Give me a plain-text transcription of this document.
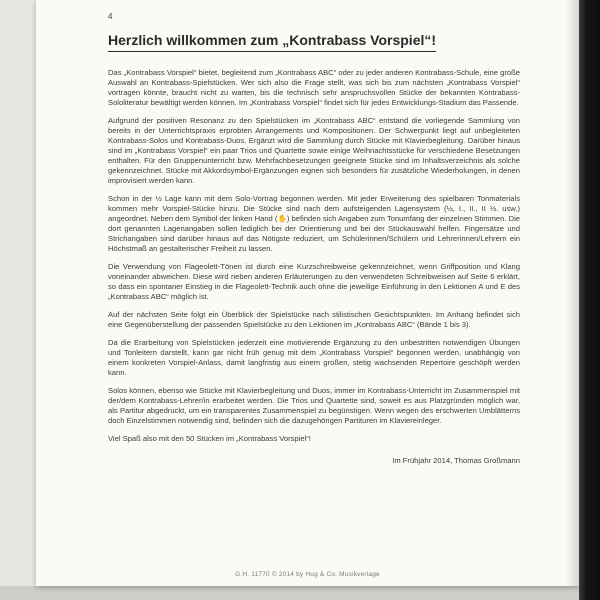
4
Herzlich willkommen zum „Kontrabass Vorspiel“!

Das „Kontrabass Vorspiel“ bietet, begleitend zum „Kontrabass ABC“ oder zu jeder anderen Kontrabass-Schule, eine große Auswahl an Kontrabass-Spielstücken. Wer sich also die Frage stellt, was sich bis zum nächsten „Kontrabass Vorspiel“ vortragen könnte, braucht nicht zu warten, bis die technisch sehr anspruchsvollen Stücke der bekannten Kontrabass-Sololiteratur bewältigt werden können. Im „Kontrabass Vorspiel“ findet sich für jedes Entwicklungs-Stadium das Passende.

Aufgrund der positiven Resonanz zu den Spielstücken im „Kontrabass ABC“ entstand die vorliegende Sammlung von bereits in der Unterrichtspraxis erprobten Arrangements und Kompositionen. Der Schwerpunkt liegt auf unbegleiteten Kontrabass-Solos und Kontrabass-Duos. Ergänzt wird die Sammlung durch Stücke mit Klavierbegleitung. Darüber hinaus sind im „Kontrabass Vorspiel“ ein paar Trios und Quartette sowie einige Weihnachtsstücke für verschiedene Besetzungen enthalten. Für den Gruppenunterricht bzw. Mehrfachbesetzungen geeignete Stücke sind im Inhaltsverzeichnis als solche gekennzeichnet. Stücke mit Akkordsymbol-Ergänzungen eignen sich besonders für zusätzliche Wiederholungen, in denen improvisiert werden kann.

Schon in der ½ Lage kann mit dem Solo-Vortrag begonnen werden. Mit jeder Erweiterung des spielbaren Tonmaterials kommen mehr Vorspiel-Stücke hinzu. Die Stücke sind nach dem aufsteigenden Lagensystem (½, I., II., II ½. usw.) angeordnet. Neben dem Symbol der linken Hand (✋) befinden sich Angaben zum Tonumfang der einzelnen Stimmen. Die dort genannten Lagenangaben sollen lediglich bei der Orientierung und bei der Stückauswahl helfen. Fingersätze und Strichangaben sind darüber hinaus auf das Nötigste reduziert, um Schülerinnen/Schülern und Lehrerinnen/Lehrern ein Höchstmaß an gestalterischer Freiheit zu lassen.

Die Verwendung von Flageolett-Tönen ist durch eine Kurzschreibweise gekennzeichnet, wenn Griffposition und Klang voneinander abweichen. Diese wird neben anderen Erläuterungen zu den verwendeten Schreibweisen auf Seite 6 erklärt, so dass ein spontaner Einstieg in die Flageolett-Technik auch ohne die jeweilige Einführung in den Lektionen A und E des „Kontrabass ABC“ möglich ist.

Auf der nächsten Seite folgt ein Überblick der Spielstücke nach stilistischen Gesichtspunkten. Im Anhang befindet sich eine Gegenüberstellung der passenden Spielstücke zu den Lektionen im „Kontrabass ABC“ (Bände 1 bis 3).

Da die Erarbeitung von Spielstücken jederzeit eine motivierende Ergänzung zu den unbestritten notwendigen Übungen und Tonleitern darstellt, kann gar nicht früh genug mit dem „Kontrabass Vorspiel“ begonnen werden, unabhängig von einem konkreten Vorspiel-Anlass, damit langfristig aus einem großen, stetig wachsenden Repertoire geschöpft werden kann.

Solos können, ebenso wie Stücke mit Klavierbegleitung und Duos, immer im Kontrabass-Unterricht im Zusammenspiel mit der/dem Kontrabass-Lehrer/in erarbeitet werden. Die Trios und Quartette sind, soweit es aus Platzgründen möglich war, als Partitur abgedruckt, um ein transparentes Zusammenspiel zu begünstigen. Wenn wegen des erschwerten Umblätterns doch Einzelstimmen notwendig sind, befinden sich die dazugehörigen Partituren im Klaviereinleger.

Viel Spaß also mit den 50 Stücken im „Kontrabass Vorspiel“!

Im Frühjahr 2014, Thomas Großmann
G.H. 11770 © 2014 by Hug & Co. Musikverlage
